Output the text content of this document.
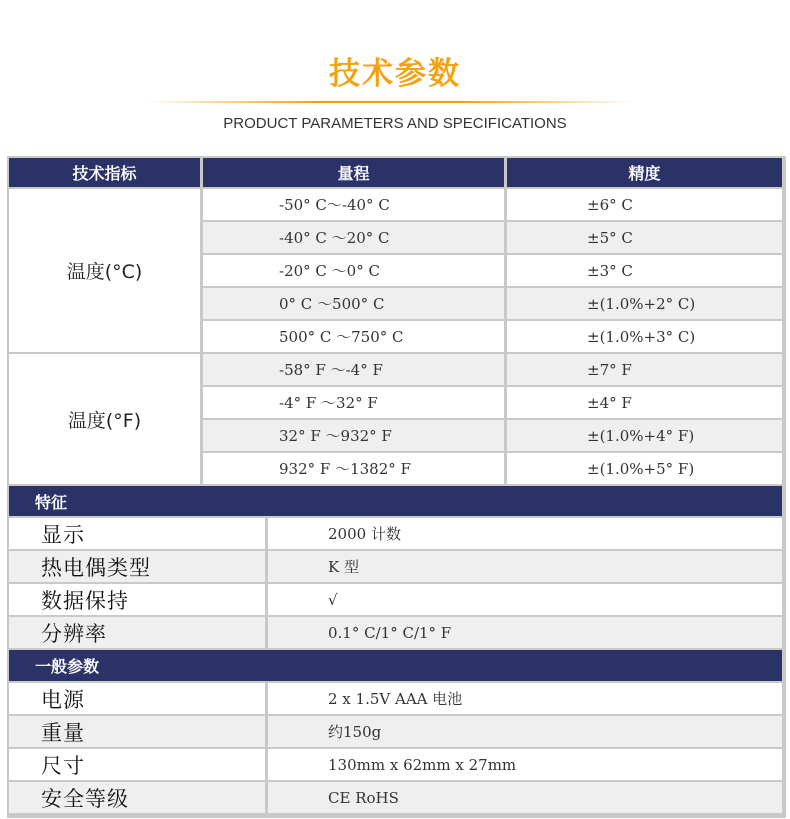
技术参数
PRODUCT PARAMETERS AND SPECIFICATIONS
技术指标	量程	精度
温度(°C)
-50° C～-40° C	±6° C
-40° C ～20° C	±5° C
-20° C ～0° C	±3° C
0° C ～500° C	±(1.0%+2° C)
500° C ～750° C	±(1.0%+3° C)
温度(°F)
-58° F ～-4° F	±7° F
-4° F ～32° F	±4° F
32° F ～932° F	±(1.0%+4° F)
932° F ～1382° F	±(1.0%+5° F)
特征
显示	2000 计数
热电偶类型	K 型
数据保持	√
分辨率	0.1° C/1° C/1° F
一般参数
电源	2 x 1.5V AAA 电池
重量	约150g
尺寸	130mm x 62mm x 27mm
安全等级	CE RoHS
